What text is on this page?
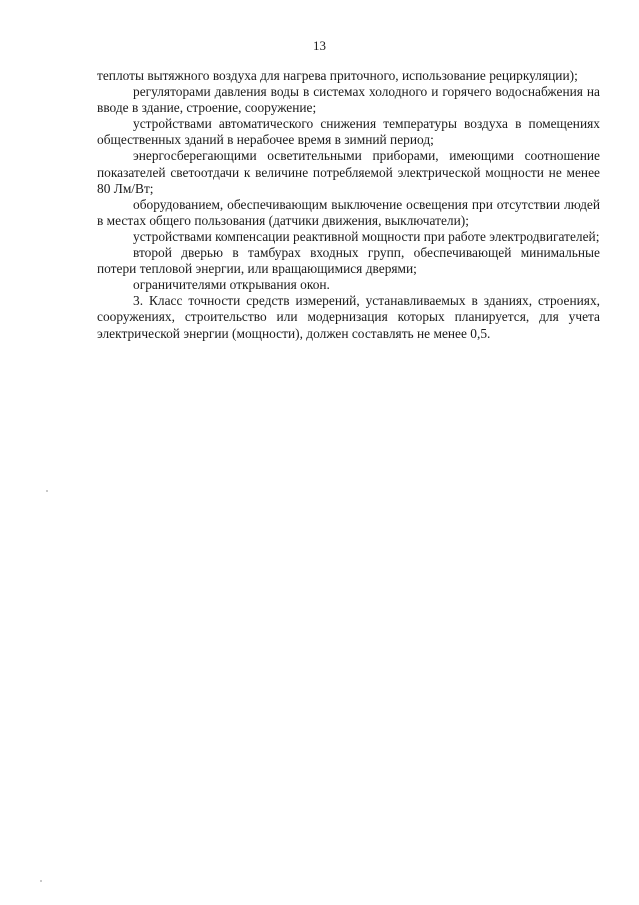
13

теплоты вытяжного воздуха для нагрева приточного, использование рециркуляции);

регуляторами давления воды в системах холодного и горячего водоснабжения на вводе в здание, строение, сооружение;

устройствами автоматического снижения температуры воздуха в помещениях общественных зданий в нерабочее время в зимний период;

энергосберегающими осветительными приборами, имеющими соотношение показателей светоотдачи к величине потребляемой электрической мощности не менее 80 Лм/Вт;

оборудованием, обеспечивающим выключение освещения при отсутствии людей в местах общего пользования (датчики движения, выключатели);

устройствами компенсации реактивной мощности при работе электродвигателей;

второй дверью в тамбурах входных групп, обеспечивающей минимальные потери тепловой энергии, или вращающимися дверями;

ограничителями открывания окон.

3. Класс точности средств измерений, устанавливаемых в зданиях, строениях, сооружениях, строительство или модернизация которых планируется, для учета электрической энергии (мощности), должен составлять не менее 0,5.
